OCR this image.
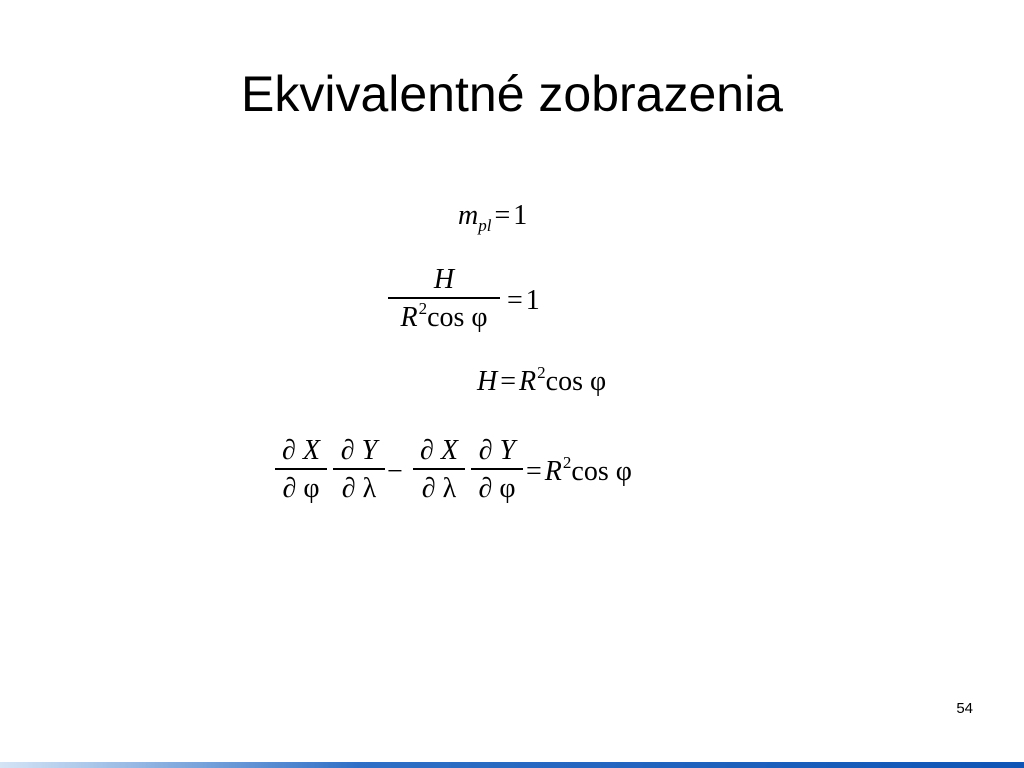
Ekvivalentné zobrazenia
$m_{pl} = 1$
H
$R^2\cos$ φ
= 1
$H = R^2\cos$ φ
∂ X
∂ φ
∂ Y
∂ λ
−
∂ X
∂ λ
∂ Y
∂ φ
= $R^2\cos$ φ
54
